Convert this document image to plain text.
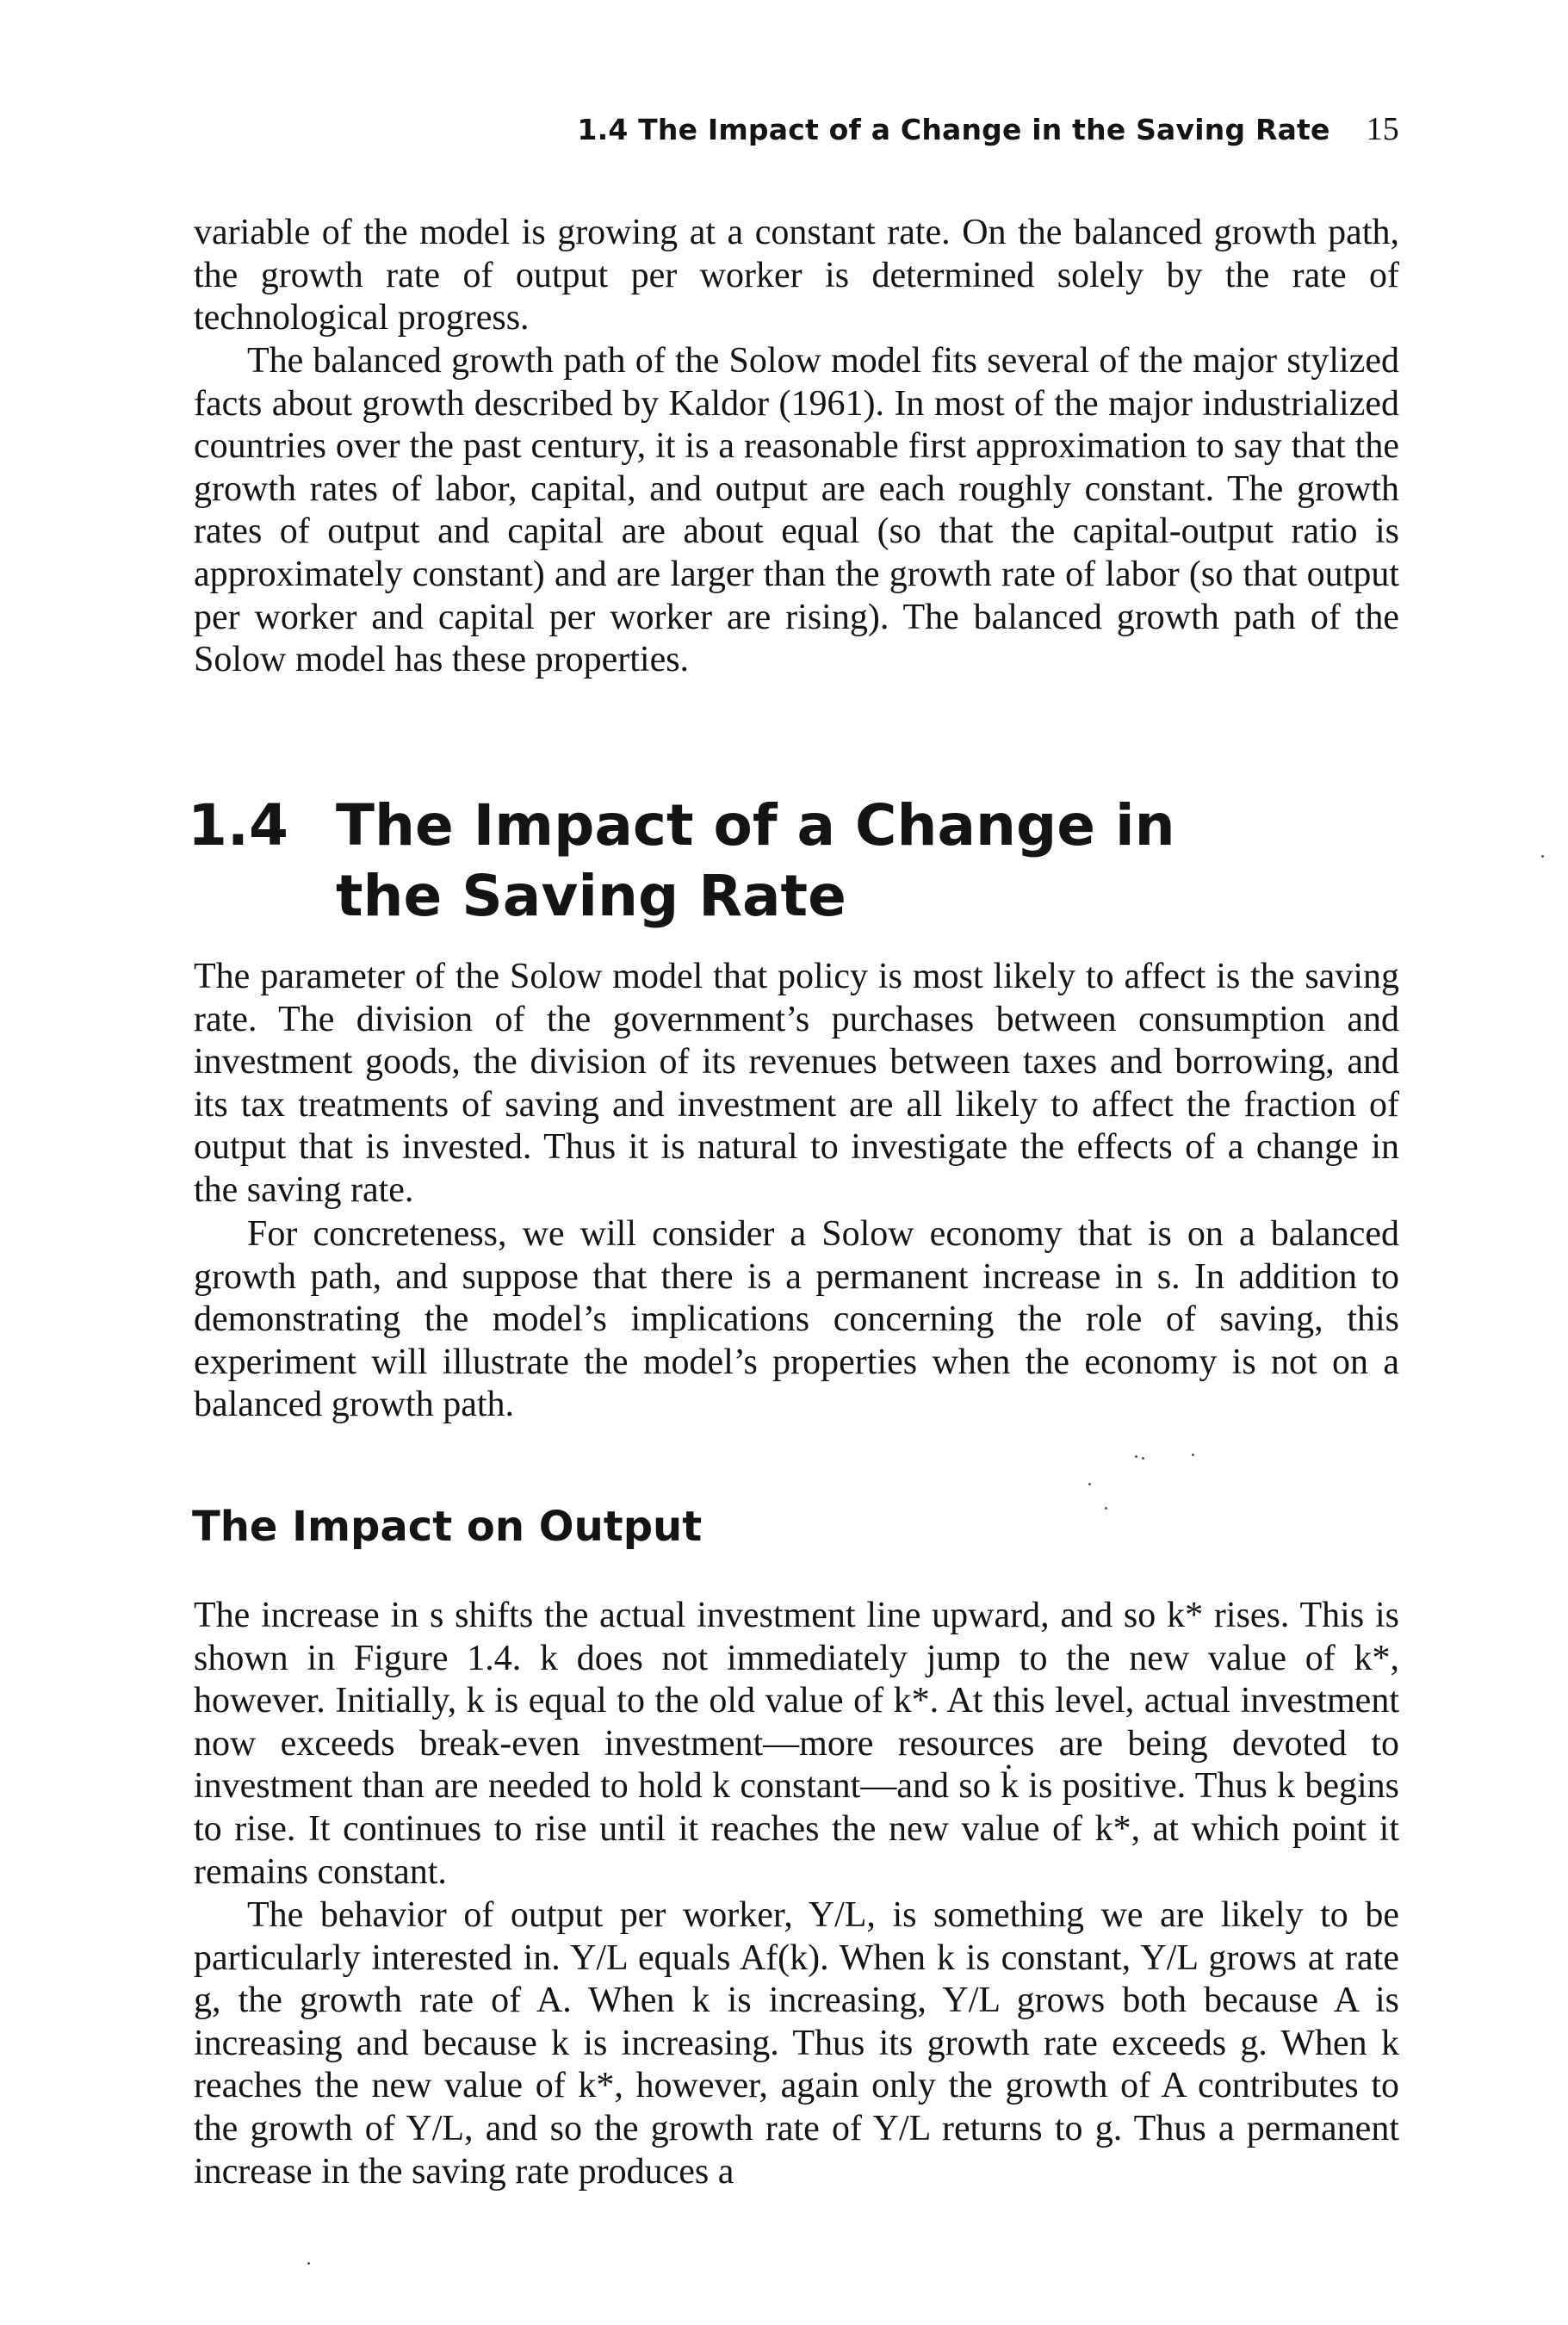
1.4 The Impact of a Change in the Saving Rate 15

variable of the model is growing at a constant rate. On the balanced growth path, the growth rate of output per worker is determined solely by the rate of technological progress.

The balanced growth path of the Solow model fits several of the major stylized facts about growth described by Kaldor (1961). In most of the major industrialized countries over the past century, it is a reasonable first approximation to say that the growth rates of labor, capital, and output are each roughly constant. The growth rates of output and capital are about equal (so that the capital-output ratio is approximately constant) and are larger than the growth rate of labor (so that output per worker and capital per worker are rising). The balanced growth path of the Solow model has these properties.

1.4 The Impact of a Change in the Saving Rate

The parameter of the Solow model that policy is most likely to affect is the saving rate. The division of the government’s purchases between consumption and investment goods, the division of its revenues between taxes and borrowing, and its tax treatments of saving and investment are all likely to affect the fraction of output that is invested. Thus it is natural to investigate the effects of a change in the saving rate.

For concreteness, we will consider a Solow economy that is on a balanced growth path, and suppose that there is a permanent increase in s. In addition to demonstrating the model’s implications concerning the role of saving, this experiment will illustrate the model’s properties when the economy is not on a balanced growth path.

The Impact on Output

The increase in s shifts the actual investment line upward, and so k* rises. This is shown in Figure 1.4. k does not immediately jump to the new value of k*, however. Initially, k is equal to the old value of k*. At this level, actual investment now exceeds break-even investment—more resources are being devoted to investment than are needed to hold k constant—and so k̇ is positive. Thus k begins to rise. It continues to rise until it reaches the new value of k*, at which point it remains constant.

The behavior of output per worker, Y/L, is something we are likely to be particularly interested in. Y/L equals Af(k). When k is constant, Y/L grows at rate g, the growth rate of A. When k is increasing, Y/L grows both because A is increasing and because k is increasing. Thus its growth rate exceeds g. When k reaches the new value of k*, however, again only the growth of A contributes to the growth of Y/L, and so the growth rate of Y/L returns to g. Thus a permanent increase in the saving rate produces a
